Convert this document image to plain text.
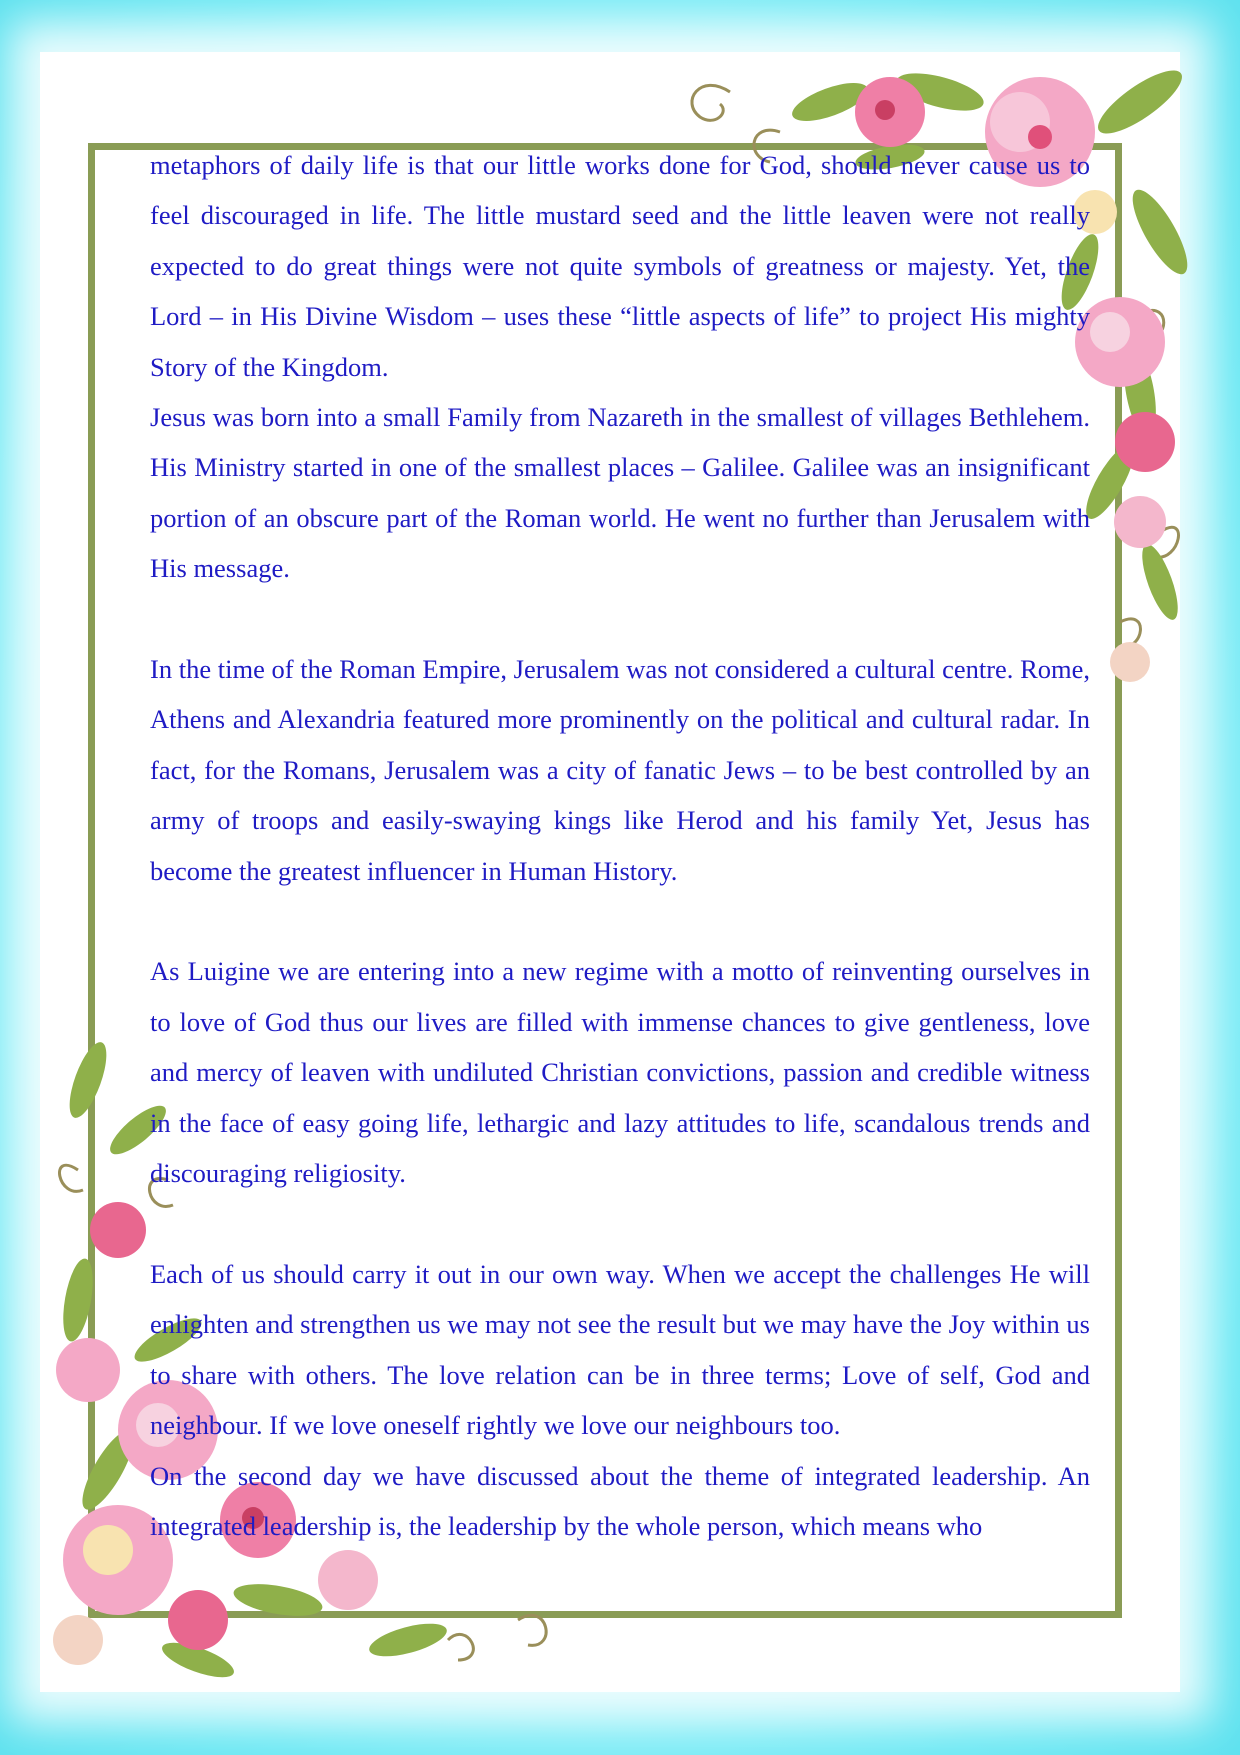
metaphors of daily life is that our little works done for God, should never cause us to feel discouraged in life. The little mustard seed and the little leaven were not really expected to do great things were not quite symbols of greatness or majesty. Yet, the Lord – in His Divine Wisdom – uses these “little aspects of life” to project His mighty Story of the Kingdom.

Jesus was born into a small Family from Nazareth in the smallest of villages Bethlehem. His Ministry started in one of the smallest places – Galilee. Galilee was an insignificant portion of an obscure part of the Roman world. He went no further than Jerusalem with His message.

In the time of the Roman Empire, Jerusalem was not considered a cultural centre. Rome, Athens and Alexandria featured more prominently on the political and cultural radar. In fact, for the Romans, Jerusalem was a city of fanatic Jews – to be best controlled by an army of troops and easily-swaying kings like Herod and his family Yet, Jesus has become the greatest influencer in Human History.

As Luigine we are entering into a new regime with a motto of reinventing ourselves in to love of God thus our lives are filled with immense chances to give gentleness, love and mercy of leaven with undiluted Christian convictions, passion and credible witness in the face of easy going life, lethargic and lazy attitudes to life, scandalous trends and discouraging religiosity.

Each of us should carry it out in our own way. When we accept the challenges He will enlighten and strengthen us we may not see the result but we may have the Joy within us to share with others. The love relation can be in three terms; Love of self, God and neighbour. If we love oneself rightly we love our neighbours too.

On the second day we have discussed about the theme of integrated leadership. An integrated leadership is, the leadership by the whole person, which means who
